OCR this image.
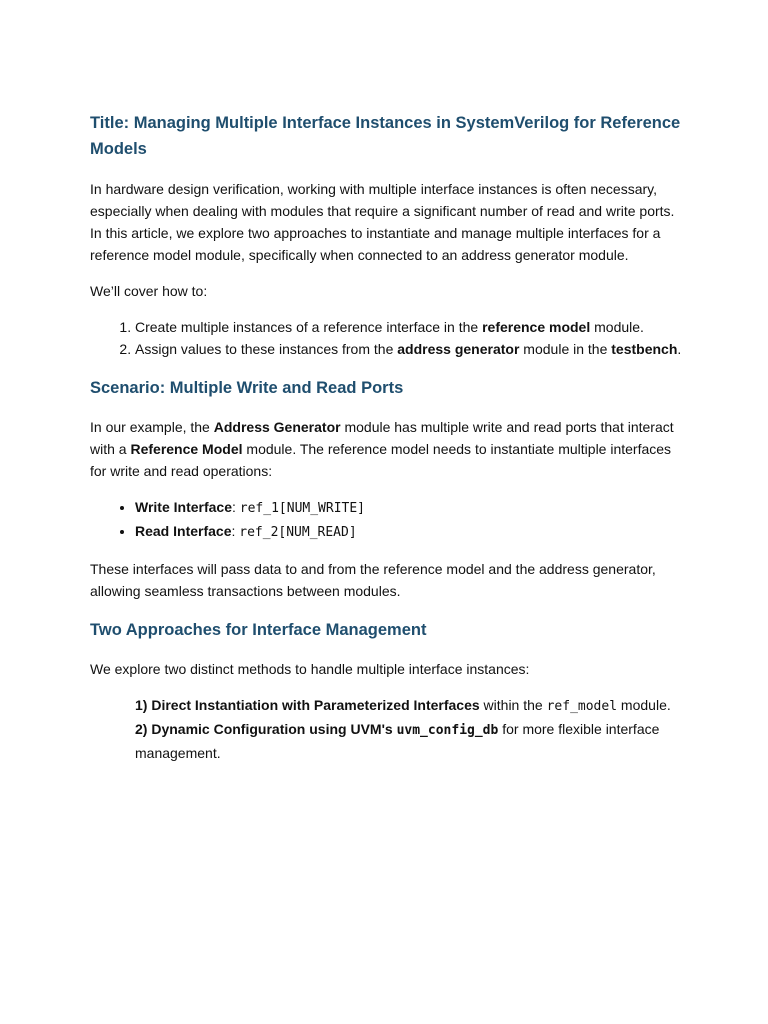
Title: Managing Multiple Interface Instances in SystemVerilog for Reference Models

In hardware design verification, working with multiple interface instances is often necessary, especially when dealing with modules that require a significant number of read and write ports. In this article, we explore two approaches to instantiate and manage multiple interfaces for a reference model module, specifically when connected to an address generator module.

We’ll cover how to:

1. Create multiple instances of a reference interface in the reference model module.
2. Assign values to these instances from the address generator module in the testbench.
Scenario: Multiple Write and Read Ports

In our example, the Address Generator module has multiple write and read ports that interact with a Reference Model module. The reference model needs to instantiate multiple interfaces for write and read operations:

• Write Interface: ref_1[NUM_WRITE]
• Read Interface: ref_2[NUM_READ]

These interfaces will pass data to and from the reference model and the address generator, allowing seamless transactions between modules.

Two Approaches for Interface Management

We explore two distinct methods to handle multiple interface instances:

1) Direct Instantiation with Parameterized Interfaces within the ref_model module.
2) Dynamic Configuration using UVM's uvm_config_db for more flexible interface management.
